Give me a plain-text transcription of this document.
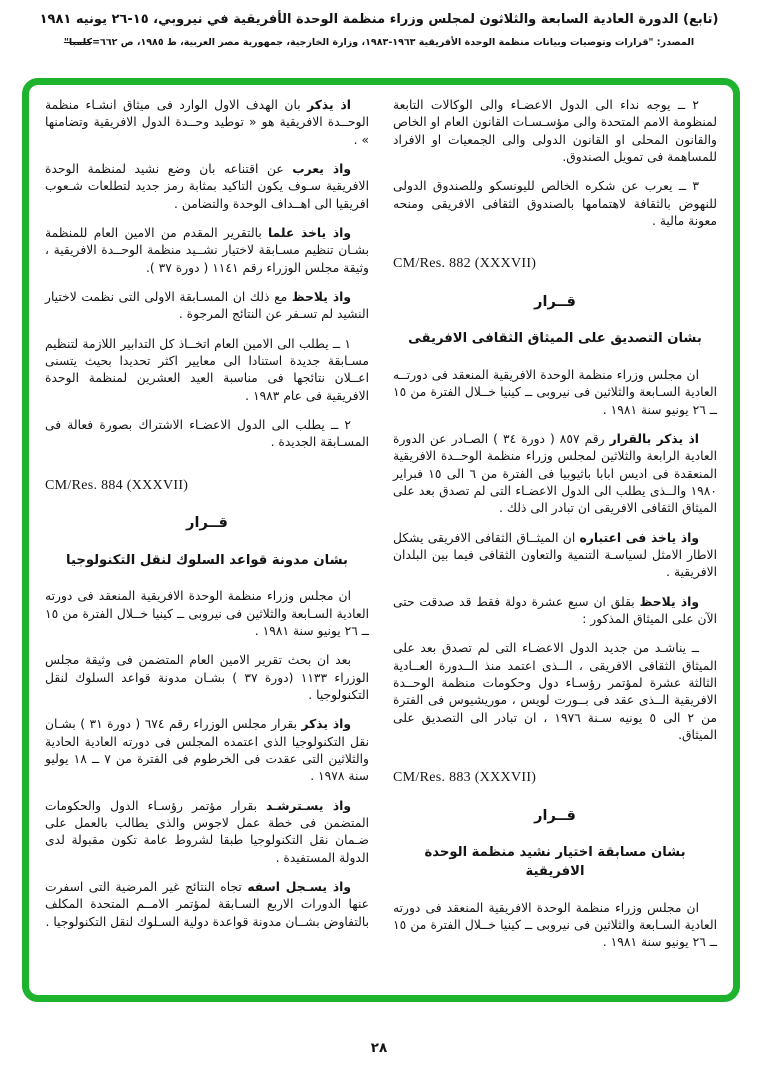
(تابع) الدورة العادية السابعة والثلاثون لمجلس وزراء منظمة الوحدة الأفريقية في نيروبي، ١٥-٢٦ يونيه ١٩٨١
المصدر: "قرارات وتوصيات وبيانات منظمة الوحدة الأفريقية ١٩٦٣-١٩٨٣، وزارة الخارجية، جمهورية مصر العربية، ط ١٩٨٥، ص ٦٦٢=كلمبا"

٢ ــ يوجه نداء الى الدول الاعضـاء والى الوكالات التابعة لمنظومة الامم المتحدة والى مؤسـسـات القانون العام او الخاص والقانون المحلى او القانون الدولى والى الجمعيات او الافراد للمساهمة فى تمويل الصندوق.

٣ ــ يعرب عن شكره الخالص لليونسكو وللصندوق الدولى للنهوض بالثقافة لاهتمامها بالصندوق الثقافى الافريقى ومنحه معونة مالية .

CM/Res. 882 (XXXVII)
قــرار
بشان التصديق على الميثاق الثقافى الافريقى

ان مجلس وزراء منظمة الوحدة الافريقية المنعقد فى دورتــه العادية السـابعة والثلاثين فى نيروبى ــ كينيا خــلال الفترة من ١٥ ــ ٢٦ يونيو سنة ١٩٨١ .

اذ يذكر بالقرار رقم ٨٥٧ ( دورة ٣٤ ) الصـادر عن الدورة العادية الرابعة والثلاثين لمجلس وزراء منظمة الوحــدة الافريقية المنعقدة فى اديس ابابا باثيوبيا فى الفترة من ٦ الى ١٥ فبراير ١٩٨٠ والــذى يطلب الى الدول الاعضـاء التى لم تصدق بعد على الميثاق الثقافى الافريقى ان تبادر الى ذلك .

واذ ياخذ فى اعتباره ان الميثــاق الثقافى الافريقى يشكل الاطار الامثل لسياسـة التنمية والتعاون الثقافى فيما بين البلدان الافريقية .

واذ يلاحظ بقلق ان سبع عشرة دولة فقط قد صدقت حتى الآن على الميثاق المذكور :

ــ يناشـد من جديد الدول الاعضـاء التى لم تصدق بعد على الميثاق الثقافى الافريقى ، الــذى اعتمد منذ الــدورة العــادية الثالثة عشرة لمؤتمر رؤسـاء دول وحكومات منظمة الوحــدة الافريقية الــذى عقد فى بــورت لويس ، موريشيوس فى الفترة من ٢ الى ٥ يونيه سـنة ١٩٧٦ ، ان تبادر الى التصديق على الميثاق.

CM/Res. 883 (XXXVII)
قــرار
بشان مسابقة اختيار نشيد منظمة الوحدة الافريقية

ان مجلس وزراء منظمة الوحدة الافريقية المنعقد فى دورته العادية السـابعة والثلاثين فى نيروبى ــ كينيا خــلال الفترة من ١٥ ــ ٢٦ يونيو سنة ١٩٨١ .

اذ يذكر بان الهدف الاول الوارد فى ميثاق انشـاء منظمة الوحــدة الافريقية هو « توطيد وحــدة الدول الافريقية وتضامنها » .

واذ يعرب عن اقتناعه بان وضع نشيد لمنظمة الوحدة الافريقية سـوف يكون التاكيد بمثابة رمز جديد لتطلعات شـعوب افريقيا الى اهــداف الوحدة والتضامن .

واذ ياخذ علما بالتقرير المقدم من الامين العام للمنظمة بشـان تنظيم مسـابقة لاختيار نشــيد منظمة الوحــدة الافريقية ، وثيقة مجلس الوزراء رقم ١١٤١ ( دورة ٣٧ ).

واذ يلاحظ مع ذلك ان المسـابقة الاولى التى نظمت لاختيار النشيد لم تسـفر عن النتائج المرجوة .

١ ــ يطلب الى الامين العام اتخــاذ كل التدابير اللازمة لتنظيم مسـابقة جديدة استنادا الى معايير اكثر تحديدا بحيث يتسنى اعــلان نتائجها فى مناسبة العيد العشرين لمنظمة الوحدة الافريقية فى عام ١٩٨٣ .

٢ ــ يطلب الى الدول الاعضـاء الاشتراك بصورة فعالة فى المسـابقة الجديدة .

CM/Res. 884 (XXXVII)
قــرار
بشان مدونة قواعد السلوك لنقل التكنولوجيا

ان مجلس وزراء منظمة الوحدة الافريقية المنعقد فى دورته العادية السـابعة والثلاثين فى نيروبى ــ كينيا خــلال الفترة من ١٥ ــ ٢٦ يونيو سنة ١٩٨١ .

بعد ان بحث تقرير الامين العام المتضمن فى وثيقة مجلس الوزراء ١١٣٣ (دورة ٣٧ ) بشـان مدونة قواعد السلوك لنقل التكنولوجيا .

واذ يذكر بقرار مجلس الوزراء رقم ٦٧٤ ( دورة ٣١ ) بشـان نقل التكنولوجيا الذى اعتمده المجلس فى دورته العادية الحادية والثلاثين التى عقدت فى الخرطوم فى الفترة من ٧ ــ ١٨ يوليو سنة ١٩٧٨ .

واذ يسـترشـد بقرار مؤتمر رؤسـاء الدول والحكومات المتضمن فى خطة عمل لاجوس والذى يطالب بالعمل على ضـمان نقل التكنولوجيا طبقا لشروط عامة تكون مقبولة لدى الدولة المستفيدة .

واذ يسـجل اسفه تجاه النتائج غير المرضية التى اسفرت عنها الدورات الاربع السـابقة لمؤتمر الامــم المتحدة المكلف بالتفاوض بشــان مدونة قواعدة دولية السـلوك لنقل التكنولوجيا .

٢٨
